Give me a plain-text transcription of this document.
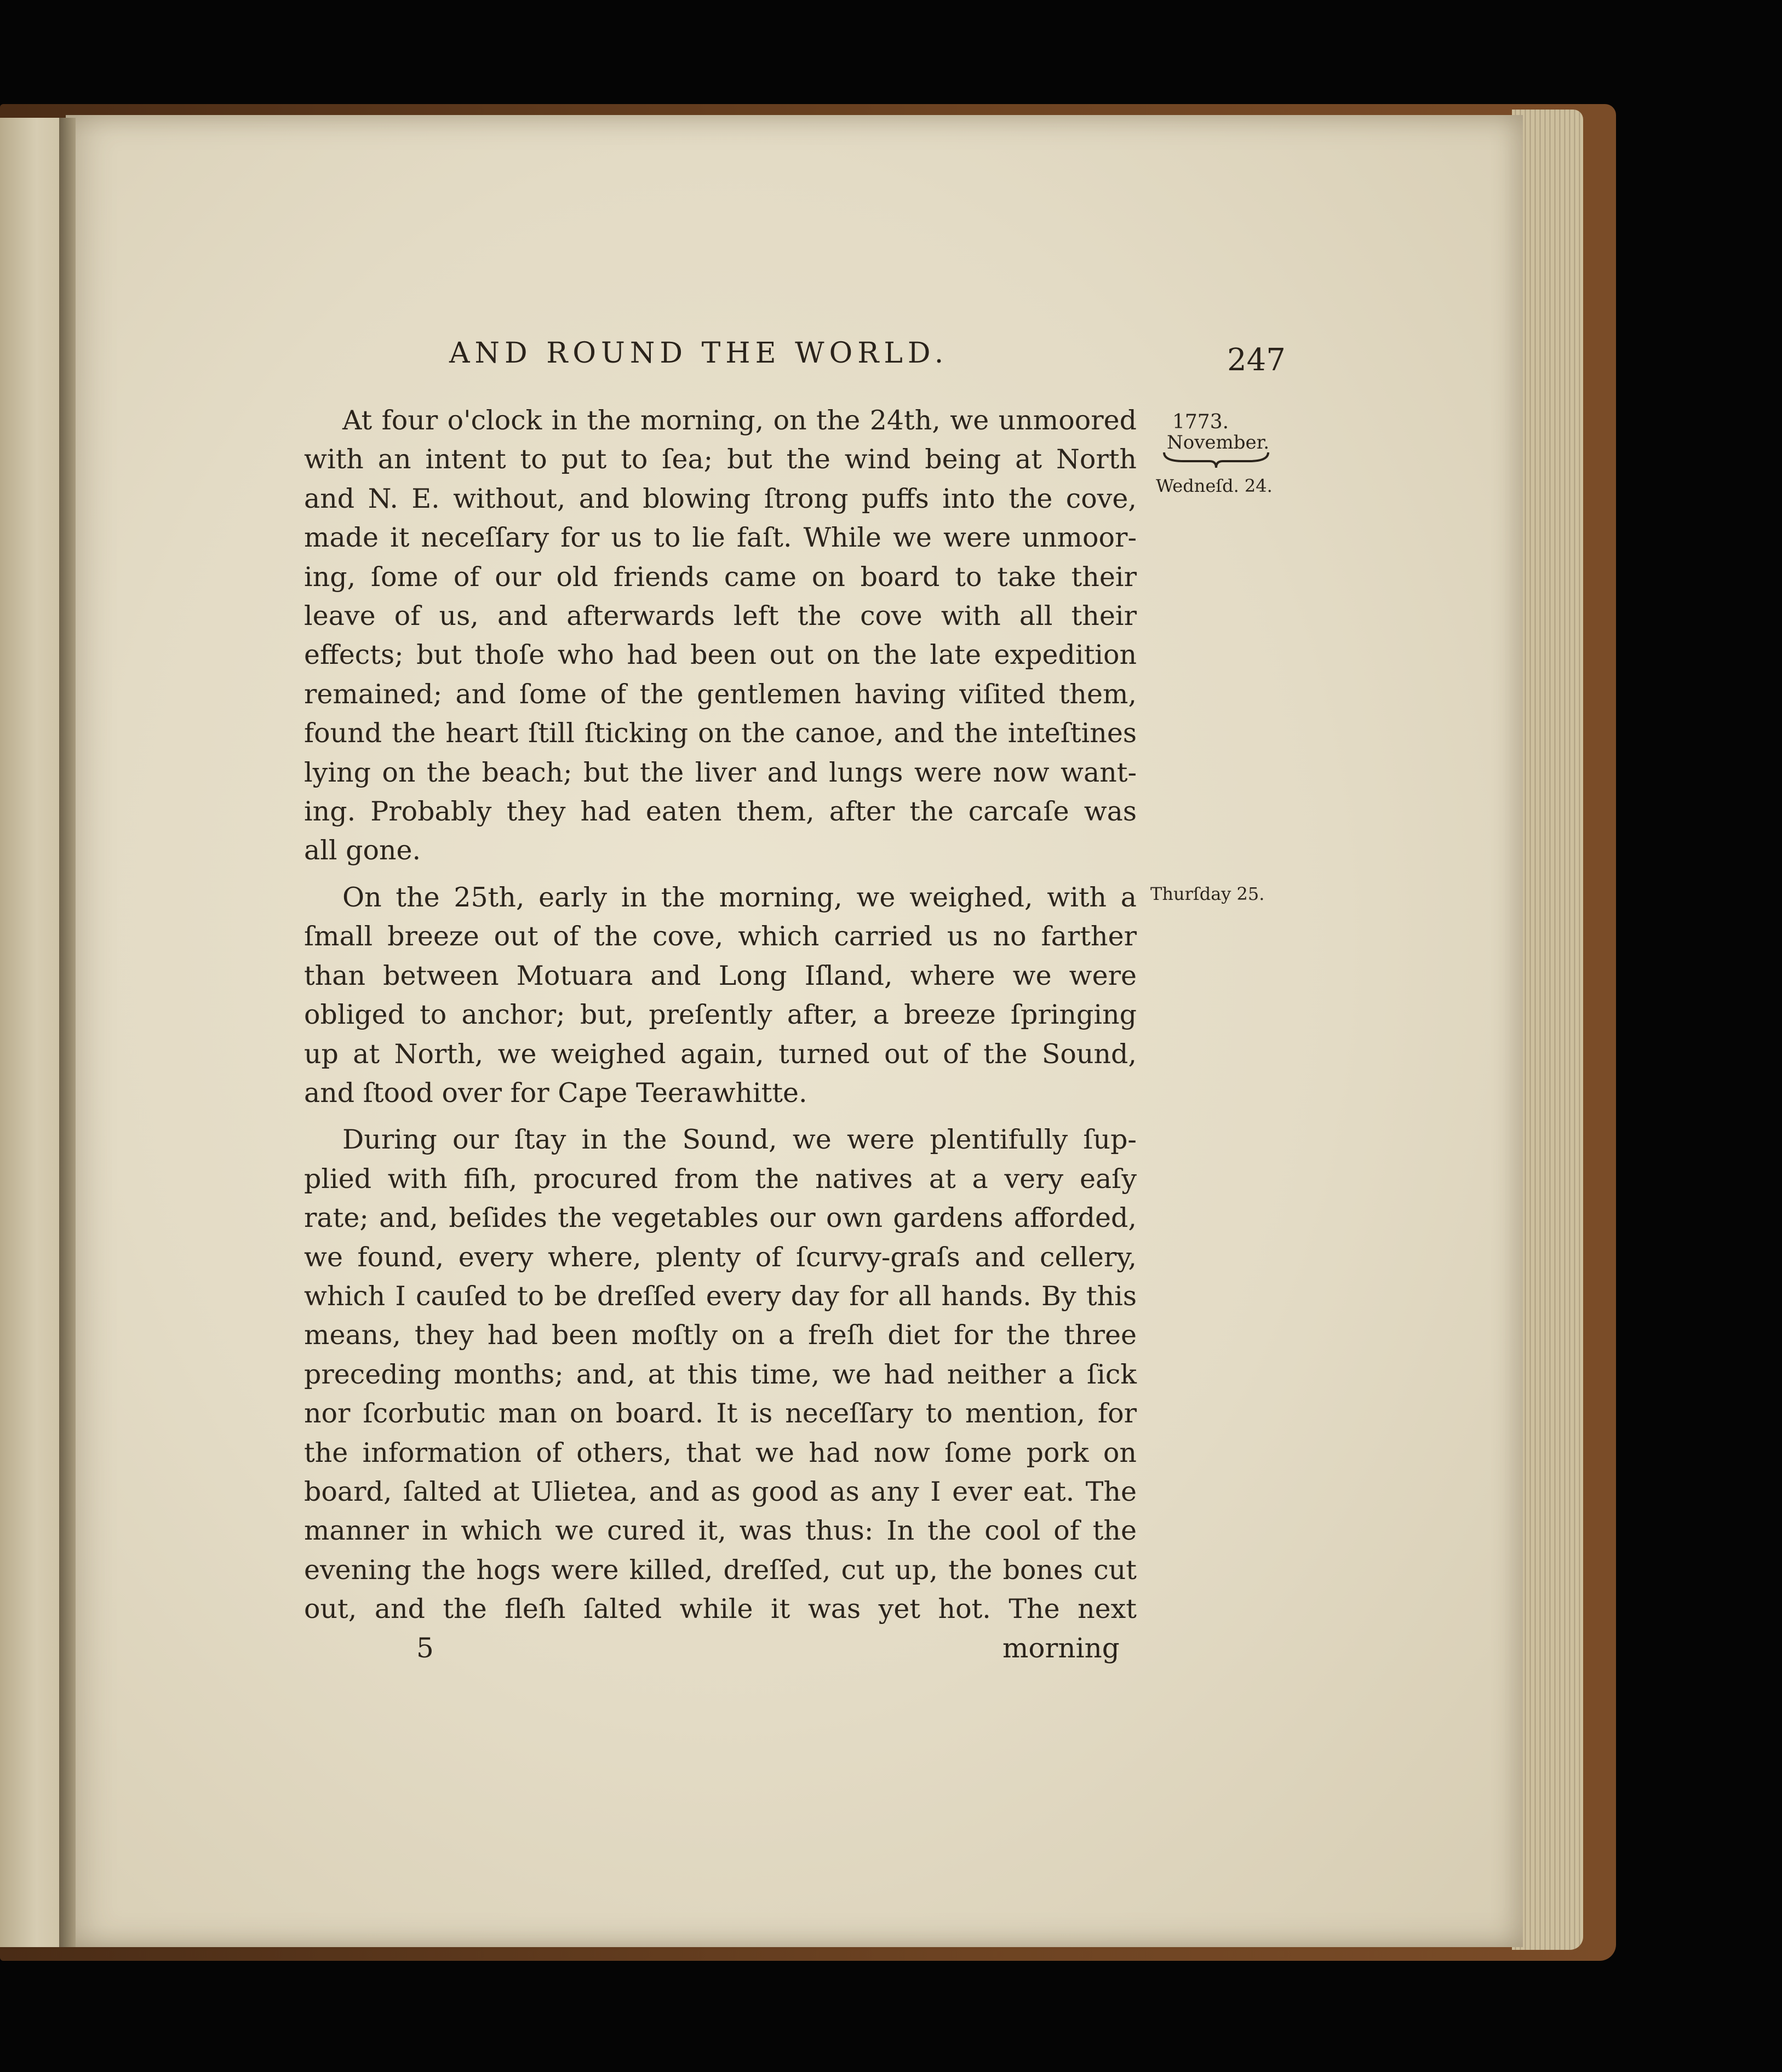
AND ROUND THE WORLD.	247
1773.
November.
Wedneſd. 24.
Thurſday 25.
At four o'clock in the morning, on the 24th, we unmoored
with an intent to put to ſea; but the wind being at North
and N. E. without, and blowing ſtrong puffs into the cove,
made it neceſſary for us to lie faſt. While we were unmoor-
ing, ſome of our old friends came on board to take their
leave of us, and afterwards left the cove with all their
effects; but thoſe who had been out on the late expedition
remained; and ſome of the gentlemen having viſited them,
found the heart ſtill ſticking on the canoe, and the inteſtines
lying on the beach; but the liver and lungs were now want-
ing. Probably they had eaten them, after the carcaſe was
all gone.
On the 25th, early in the morning, we weighed, with a
ſmall breeze out of the cove, which carried us no farther
than between Motuara and Long Iſland, where we were
obliged to anchor; but, preſently after, a breeze ſpringing
up at North, we weighed again, turned out of the Sound,
and ſtood over for Cape Teerawhitte.
During our ſtay in the Sound, we were plentifully ſup-
plied with fiſh, procured from the natives at a very eaſy
rate; and, beſides the vegetables our own gardens afforded,
we found, every where, plenty of ſcurvy-graſs and cellery,
which I cauſed to be dreſſed every day for all hands. By this
means, they had been moſtly on a freſh diet for the three
preceding months; and, at this time, we had neither a ſick
nor ſcorbutic man on board. It is neceſſary to mention, for
the information of others, that we had now ſome pork on
board, ſalted at Ulietea, and as good as any I ever eat. The
manner in which we cured it, was thus: In the cool of the
evening the hogs were killed, dreſſed, cut up, the bones cut
out, and the fleſh ſalted while it was yet hot. The next
5	morning
